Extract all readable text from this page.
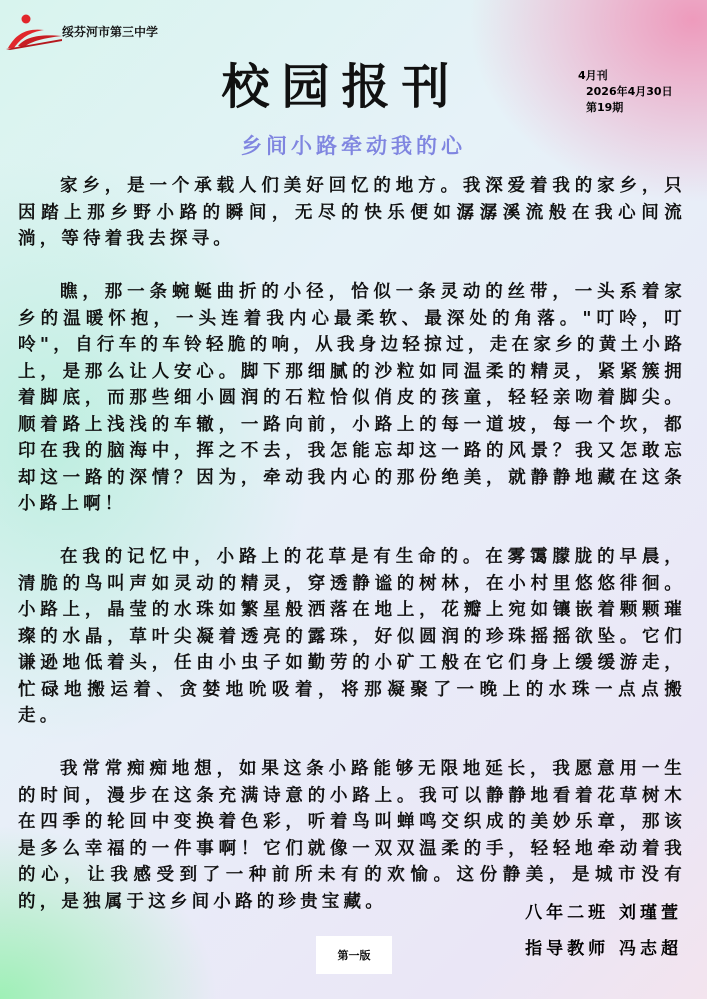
绥芬河市第三中学
校园报刊	4月刊
2026年4月30日
第19期
乡间小路牵动我的心

家乡，是一个承载人们美好回忆的地方。我深爱着我的家乡，只因踏上那乡野小路的瞬间，无尽的快乐便如潺潺溪流般在我心间流淌，等待着我去探寻。

瞧，那一条蜿蜒曲折的小径，恰似一条灵动的丝带，一头系着家乡的温暖怀抱，一头连着我内心最柔软、最深处的角落。"叮呤，叮呤"，自行车的车铃轻脆的响，从我身边轻掠过，走在家乡的黄土小路上，是那么让人安心。脚下那细腻的沙粒如同温柔的精灵，紧紧簇拥着脚底，而那些细小圆润的石粒恰似俏皮的孩童，轻轻亲吻着脚尖。顺着路上浅浅的车辙，一路向前，小路上的每一道坡，每一个坎，都印在我的脑海中，挥之不去，我怎能忘却这一路的风景？我又怎敢忘却这一路的深情？因为，牵动我内心的那份绝美，就静静地藏在这条小路上啊！

在我的记忆中，小路上的花草是有生命的。在雾霭朦胧的早晨，清脆的鸟叫声如灵动的精灵，穿透静谧的树林，在小村里悠悠徘徊。小路上，晶莹的水珠如繁星般洒落在地上，花瓣上宛如镶嵌着颗颗璀璨的水晶，草叶尖凝着透亮的露珠，好似圆润的珍珠摇摇欲坠。它们谦逊地低着头，任由小虫子如勤劳的小矿工般在它们身上缓缓游走，忙碌地搬运着、贪婪地吮吸着，将那凝聚了一晚上的水珠一点点搬走。

我常常痴痴地想，如果这条小路能够无限地延长，我愿意用一生的时间，漫步在这条充满诗意的小路上。我可以静静地看着花草树木在四季的轮回中变换着色彩，听着鸟叫蝉鸣交织成的美妙乐章，那该是多么幸福的一件事啊！它们就像一双双温柔的手，轻轻地牵动着我的心，让我感受到了一种前所未有的欢愉。这份静美，是城市没有的，是独属于这乡间小路的珍贵宝藏。

八年二班 刘瑾萱
指导教师 冯志超
第一版
